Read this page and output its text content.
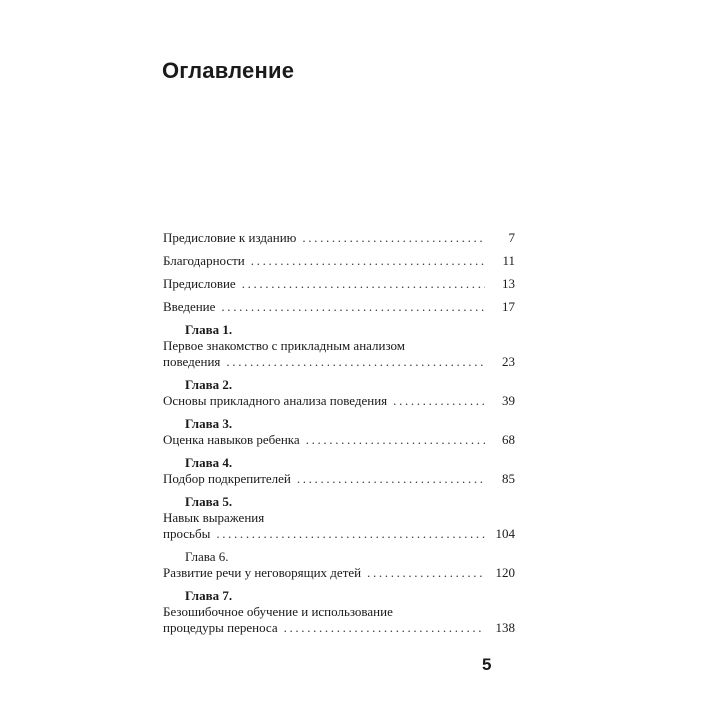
Оглавление
Предисловие к изданию . . .	7
Благодарности . . .	11
Предисловие . . .	13
Введение . . .	17
Глава 1.
Первое знакомство с прикладным анализом
поведения . . .	23
Глава 2.
Основы прикладного анализа поведения . . .	39
Глава 3.
Оценка навыков ребенка . . .	68
Глава 4.
Подбор подкрепителей . . .	85
Глава 5.
Навык выражения
просьбы . . .	104
Глава 6.
Развитие речи у неговорящих детей . . .	120
Глава 7.
Безошибочное обучение и использование
процедуры переноса . . .	138
5
